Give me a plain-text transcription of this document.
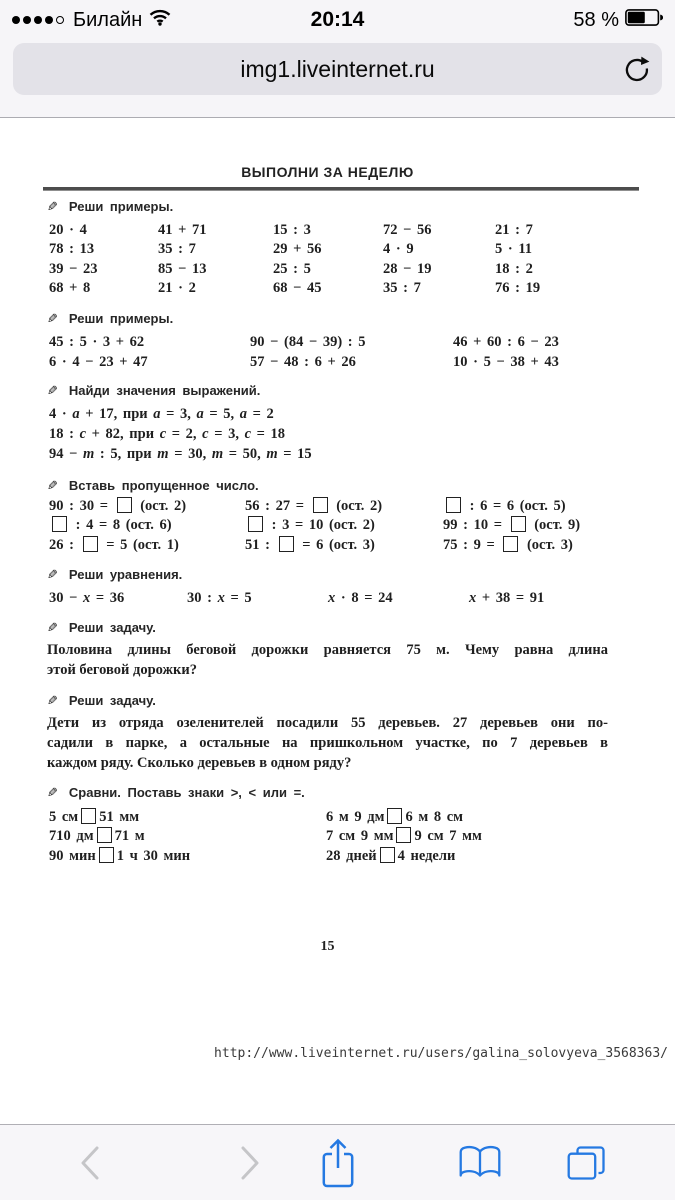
Билайн	20:14	58 %
img1.liveinternet.ru
ВЫПОЛНИ ЗА НЕДЕЛЮ
✎ Реши примеры.
20 · 4	41 + 71	15 : 3	72 − 56	21 : 7
78 : 13	35 : 7	29 + 56	4 · 9	5 · 11
39 − 23	85 − 13	25 : 5	28 − 19	18 : 2
68 + 8	21 · 2	68 − 45	35 : 7	76 : 19
✎ Реши примеры.
45 : 5 · 3 + 62	90 − (84 − 39) : 5	46 + 60 : 6 − 23
6 · 4 − 23 + 47	57 − 48 : 6 + 26	10 · 5 − 38 + 43
✎ Найди значения выражений.
4 · a + 17, при a = 3, a = 5, a = 2
18 : c + 82, при c = 2, c = 3, c = 18
94 − m : 5, при m = 30, m = 50, m = 15
✎ Вставь пропущенное число.
90 : 30 =  (ост. 2)	56 : 27 =  (ост. 2)	: 6 = 6 (ост. 5)
: 4 = 8 (ост. 6)	: 3 = 10 (ост. 2)	99 : 10 =  (ост. 9)
26 :  = 5 (ост. 1)	51 :  = 6 (ост. 3)	75 : 9 =  (ост. 3)
✎ Реши уравнения.
30 − x = 36	30 : x = 5	x · 8 = 24	x + 38 = 91
✎ Реши задачу.
Половина длины беговой дорожки равняется 75 м. Чему равна длина
этой беговой дорожки?
✎ Реши задачу.
Дети из отряда озеленителей посадили 55 деревьев. 27 деревьев они по-
садили в парке, а остальные на пришкольном участке, по 7 деревьев в
каждом ряду. Сколько деревьев в одном ряду?
✎ Сравни. Поставь знаки >, < или =.
5 см 51 мм	6 м 9 дм 6 м 8 см
710 дм 71 м	7 см 9 мм 9 см 7 мм
90 мин 1 ч 30 мин	28 дней 4 недели
15
http://www.liveinternet.ru/users/galina_solovyeva_3568363/
